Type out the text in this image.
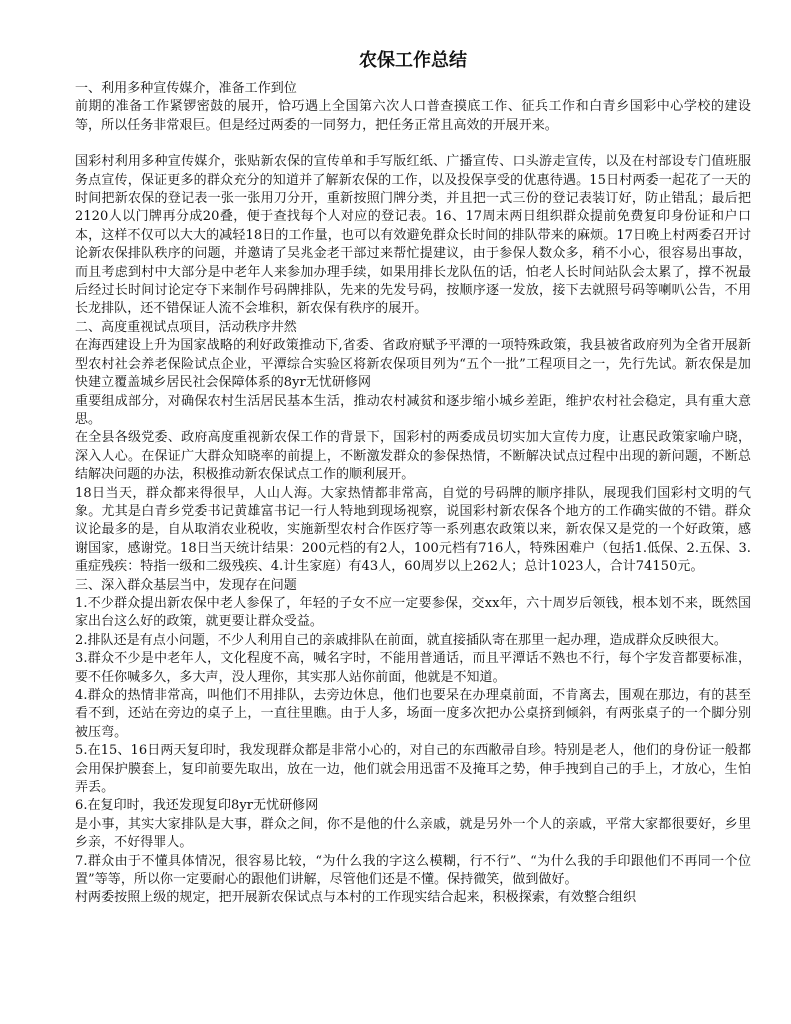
农保工作总结

一、利用多种宣传媒介，准备工作到位

前期的准备工作紧锣密鼓的展开，恰巧遇上全国第六次人口普查摸底工作、征兵工作和白青乡国彩中心学校的建设等，所以任务非常艰巨。但是经过两委的一同努力，把任务正常且高效的开展开来。

国彩村利用多种宣传媒介，张贴新农保的宣传单和手写版红纸、广播宣传、口头游走宣传，以及在村部设专门值班服务点宣传，保证更多的群众充分的知道并了解新农保的工作，以及投保享受的优惠待遇。15日村两委一起花了一天的时间把新农保的登记表一张一张用刀分开，重新按照门牌分类，并且把一式三份的登记表装订好，防止错乱；最后把2120人以门牌再分成20叠，便于查找每个人对应的登记表。16、17周末两日组织群众提前免费复印身份证和户口本，这样不仅可以大大的减轻18日的工作量，也可以有效避免群众长时间的排队带来的麻烦。17日晚上村两委召开讨论新农保排队秩序的问题，并邀请了吴兆金老干部过来帮忙提建议，由于参保人数众多，稍不小心，很容易出事故，而且考虑到村中大部分是中老年人来参加办理手续，如果用排长龙队伍的话，怕老人长时间站队会太累了，撑不祝最后经过长时间讨论定夺下来制作号码牌排队，先来的先发号码，按顺序逐一发放，接下去就照号码等喇叭公告，不用长龙排队，还不错保证人流不会堆积，新农保有秩序的展开。

二、高度重视试点项目，活动秩序井然

在海西建设上升为国家战略的利好政策推动下,省委、省政府赋予平潭的一项特殊政策，我县被省政府列为全省开展新型农村社会养老保险试点企业，平潭综合实验区将新农保项目列为“五个一批”工程项目之一，先行先试。新农保是加快建立覆盖城乡居民社会保障体系的8yr无忧研修网

重要组成部分，对确保农村生活居民基本生活，推动农村减贫和逐步缩小城乡差距，维护农村社会稳定，具有重大意思。

在全县各级党委、政府高度重视新农保工作的背景下，国彩村的两委成员切实加大宣传力度，让惠民政策家喻户晓，深入人心。在保证广大群众知晓率的前提上，不断激发群众的参保热情，不断解决试点过程中出现的新问题，不断总结解决问题的办法，积极推动新农保试点工作的顺利展开。

18日当天，群众都来得很早，人山人海。大家热情都非常高，自觉的号码牌的顺序排队，展现我们国彩村文明的气象。尤其是白青乡党委书记黄雄富书记一行人特地到现场视察，说国彩村新农保各个地方的工作确实做的不错。群众议论最多的是，自从取消农业税收，实施新型农村合作医疗等一系列惠农政策以来，新农保又是党的一个好政策，感谢国家，感谢党。18日当天统计结果：200元档的有2人，100元档有716人，特殊困难户（包括1.低保、2.五保、3.重症残疾：特指一级和二级残疾、4.计生家庭）有43人，60周岁以上262人；总计1023人，合计74150元。

三、深入群众基层当中，发现存在问题

1.不少群众提出新农保中老人参保了，年轻的子女不应一定要参保，交xx年，六十周岁后领钱，根本划不来，既然国家出台这么好的政策，就更要让群众受益。

2.排队还是有点小问题，不少人利用自己的亲戚排队在前面，就直接插队寄在那里一起办理，造成群众反映很大。

3.群众不少是中老年人，文化程度不高，喊名字时，不能用普通话，而且平潭话不熟也不行，每个字发音都要标准，要不任你喊多久，多大声，没人理你，其实那人站你前面，他就是不知道。

4.群众的热情非常高，叫他们不用排队，去旁边休息，他们也要呆在办理桌前面，不肯离去，围观在那边，有的甚至看不到，还站在旁边的桌子上，一直往里瞧。由于人多，场面一度多次把办公桌挤到倾斜，有两张桌子的一个脚分别被压弯。

5.在15、16日两天复印时，我发现群众都是非常小心的，对自己的东西敝帚自珍。特别是老人，他们的身份证一般都会用保护膜套上，复印前要先取出，放在一边，他们就会用迅雷不及掩耳之势，伸手拽到自己的手上，才放心，生怕弄丢。

6.在复印时，我还发现复印8yr无忧研修网

是小事，其实大家排队是大事，群众之间，你不是他的什么亲戚，就是另外一个人的亲戚，平常大家都很要好，乡里乡亲，不好得罪人。

7.群众由于不懂具体情况，很容易比较，“为什么我的字这么模糊，行不行”、“为什么我的手印跟他们不再同一个位置”等等，所以你一定要耐心的跟他们讲解，尽管他们还是不懂。保持微笑，做到做好。

村两委按照上级的规定，把开展新农保试点与本村的工作现实结合起来，积极探索，有效整合组织
